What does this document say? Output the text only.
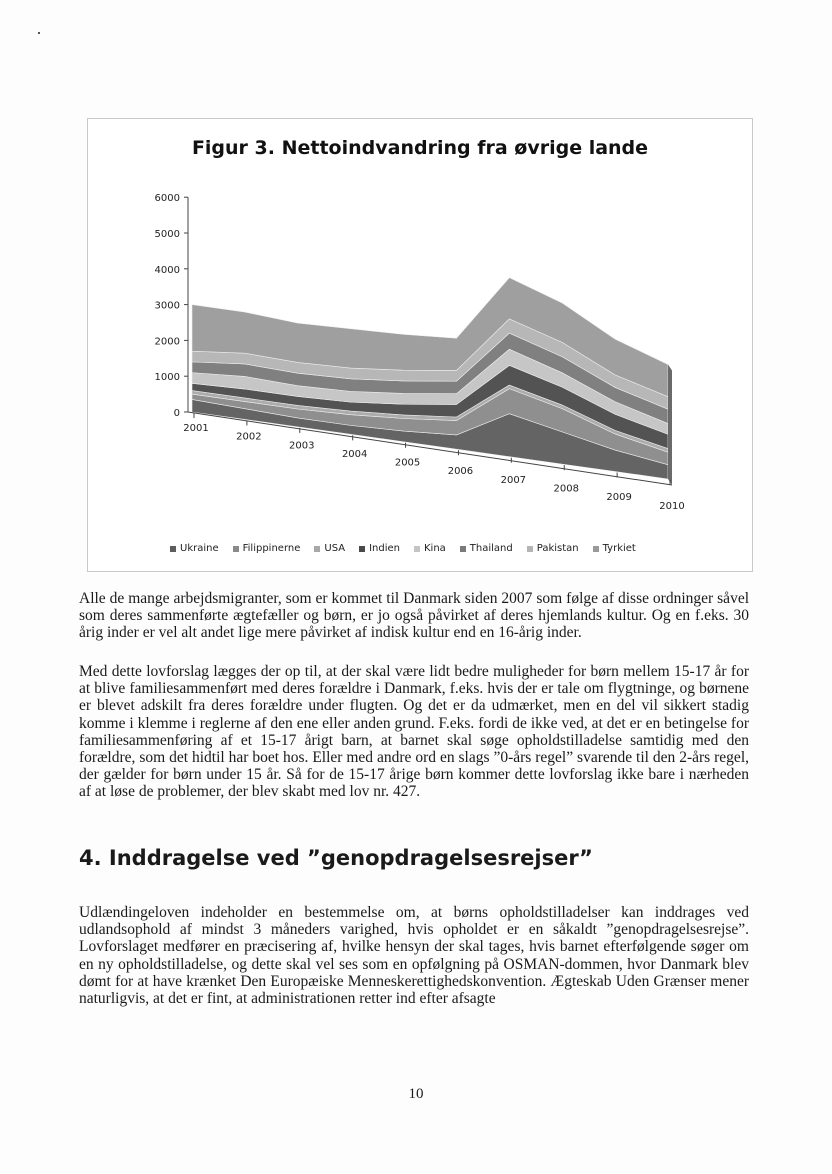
Figur 3. Nettoindvandring fra øvrige lande
0
1000
2000
3000
4000
5000
6000
2001
2002
2003
2004
2005
2006
2007
2008
2009
2010
Ukraine Filippinerne USA Indien Kina Thailand Pakistan Tyrkiet

Alle de mange arbejdsmigranter, som er kommet til Danmark siden 2007 som følge af disse ordninger såvel som deres sammenførte ægtefæller og børn, er jo også påvirket af deres hjemlands kultur. Og en f.eks. 30 årig inder er vel alt andet lige mere påvirket af indisk kultur end en 16-årig inder.

Med dette lovforslag lægges der op til, at der skal være lidt bedre muligheder for børn mellem 15-17 år for at blive familiesammenført med deres forældre i Danmark, f.eks. hvis der er tale om flygtninge, og børnene er blevet adskilt fra deres forældre under flugten. Og det er da udmærket, men en del vil sikkert stadig komme i klemme i reglerne af den ene eller anden grund. F.eks. fordi de ikke ved, at det er en betingelse for familiesammenføring af et 15-17 årigt barn, at barnet skal søge opholdstilladelse samtidig med den forældre, som det hidtil har boet hos. Eller med andre ord en slags ”0-års regel” svarende til den 2-års regel, der gælder for børn under 15 år. Så for de 15-17 årige børn kommer dette lovforslag ikke bare i nærheden af at løse de problemer, der blev skabt med lov nr. 427.

4. Inddragelse ved ”genopdragelsesrejser”

Udlændingeloven indeholder en bestemmelse om, at børns opholdstilladelser kan inddrages ved udlandsophold af mindst 3 måneders varighed, hvis opholdet er en såkaldt ”genopdragelsesrejse”. Lovforslaget medfører en præcisering af, hvilke hensyn der skal tages, hvis barnet efterfølgende søger om en ny opholdstilladelse, og dette skal vel ses som en opfølgning på OSMAN-dommen, hvor Danmark blev dømt for at have krænket Den Europæiske Menneskerettighedskonvention. Ægteskab Uden Grænser mener naturligvis, at det er fint, at administrationen retter ind efter afsagte

10
